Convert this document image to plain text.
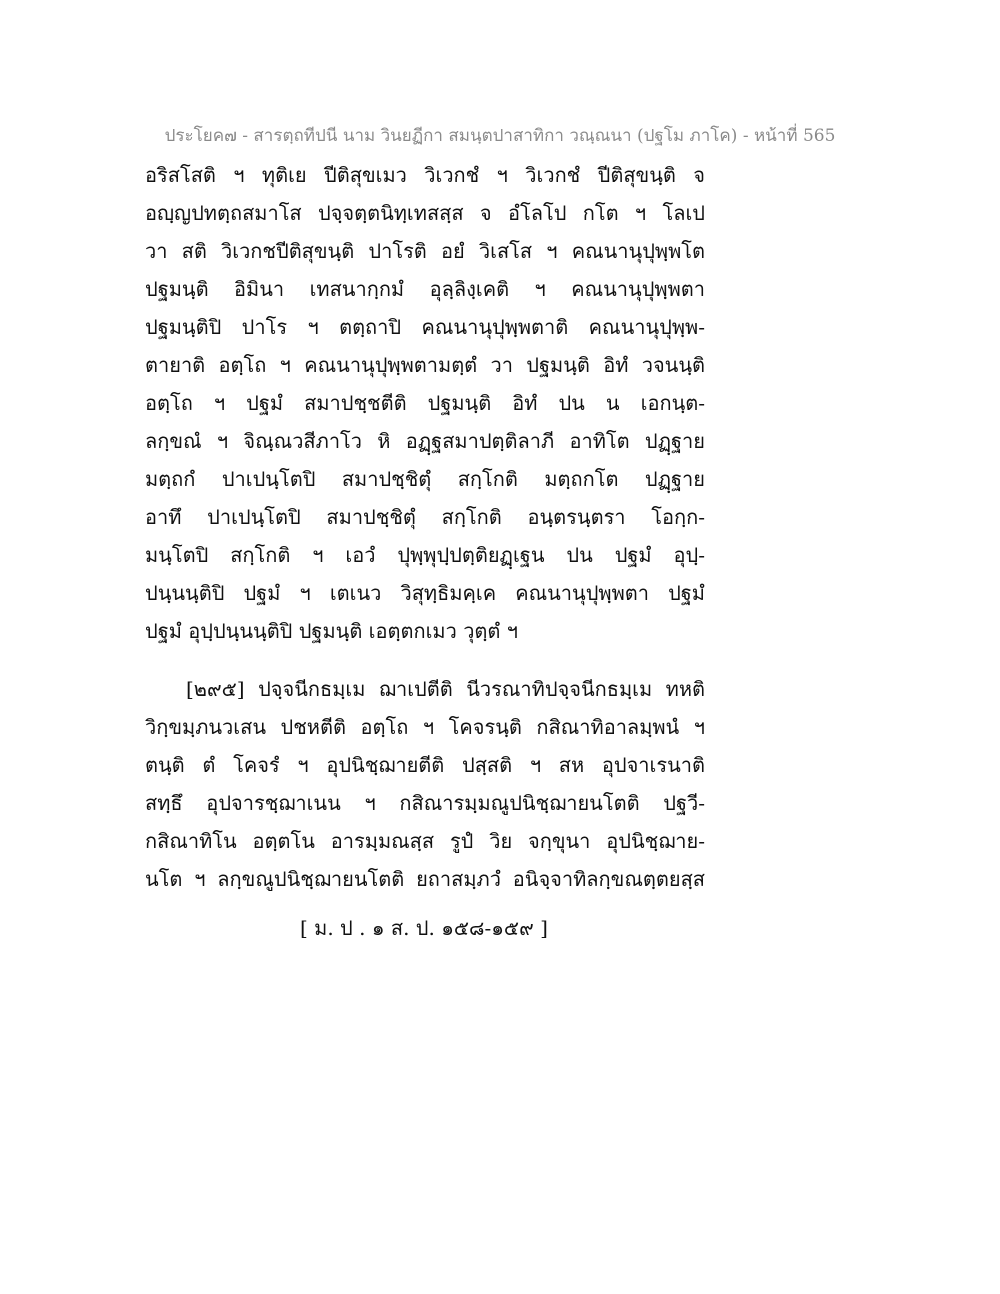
ประโยค๗ - สารตฺถทีปนี นาม วินยฏีกา สมนฺตปาสาทิกา วณฺณนา (ปฐโม ภาโค) - หน้าที่ 565
อริสโสติ ฯ ทุติเย ปีติสุขเมว วิเวกชํ ฯ วิเวกชํ ปีติสุขนฺติ จ
อญฺญปทตฺถสมาโส ปจฺจตฺตนิทฺเทสสฺส จ อํโลโป กโต ฯ โลเป
วา สติ วิเวกชปีติสุขนฺติ ปาโรติ อยํ วิเสโส ฯ คณนานุปุพฺพโต
ปฐมนฺติ อิมินา เทสนากฺกมํ อุลฺลิงฺเคติ ฯ คณนานุปุพฺพตา
ปฐมนฺติปิ ปาโร ฯ ตตฺถาปิ คณนานุปุพฺพตาติ คณนานุปุพฺพ-
ตายาติ อตฺโถ ฯ คณนานุปุพฺพตามตฺตํ วา ปฐมนฺติ อิทํ วจนนฺติ
อตฺโถ ฯ ปฐมํ สมาปชฺชตีติ ปฐมนฺติ อิทํ ปน น เอกนฺต-
ลกฺขณํ ฯ จิณฺณวสีภาโว หิ อฏฺฐสมาปตฺติลาภี อาทิโต ปฏฺฐาย
มตฺถกํ ปาเปนฺโตปิ สมาปชฺชิตุํ สกฺโกติ มตฺถกโต ปฏฺฐาย
อาทึ ปาเปนฺโตปิ สมาปชฺชิตุํ สกฺโกติ อนฺตรนฺตรา โอกฺก-
มนฺโตปิ สกฺโกติ ฯ เอวํ ปุพฺพุปฺปตฺติยฏฺเฐน ปน ปฐมํ อุปฺ-
ปนฺนนฺติปิ ปฐมํ ฯ เตเนว วิสุทฺธิมคฺเค คณนานุปุพฺพตา ปฐมํ
ปฐมํ อุปฺปนฺนนฺติปิ ปฐมนฺติ เอตฺตกเมว วุตฺตํ ฯ
[๒๙๕] ปจฺจนีกธมฺเม ฌาเปตีติ นีวรณาทิปจฺจนีกธมฺเม ทหติ
วิกฺขมฺภนวเสน ปชหตีติ อตฺโถ ฯ โคจรนฺติ กสิณาทิอาลมฺพนํ ฯ
ตนฺติ ตํ โคจรํ ฯ อุปนิชฺฌายตีติ ปสฺสติ ฯ สห อุปจาเรนาติ
สทฺธึ อุปจารชฺฌาเนน ฯ กสิณารมฺมณูปนิชฺฌายนโตติ ปฐวี-
กสิณาทิโน อตฺตโน อารมฺมณสฺส รูปํ วิย จกฺขุนา อุปนิชฺฌาย-
นโต ฯ ลกฺขณูปนิชฺฌายนโตติ ยถาสมฺภวํ อนิจฺจาทิลกฺขณตฺตยสฺส
[ ม. ป . ๑ ส. ป. ๑๕๘-๑๕๙ ]
